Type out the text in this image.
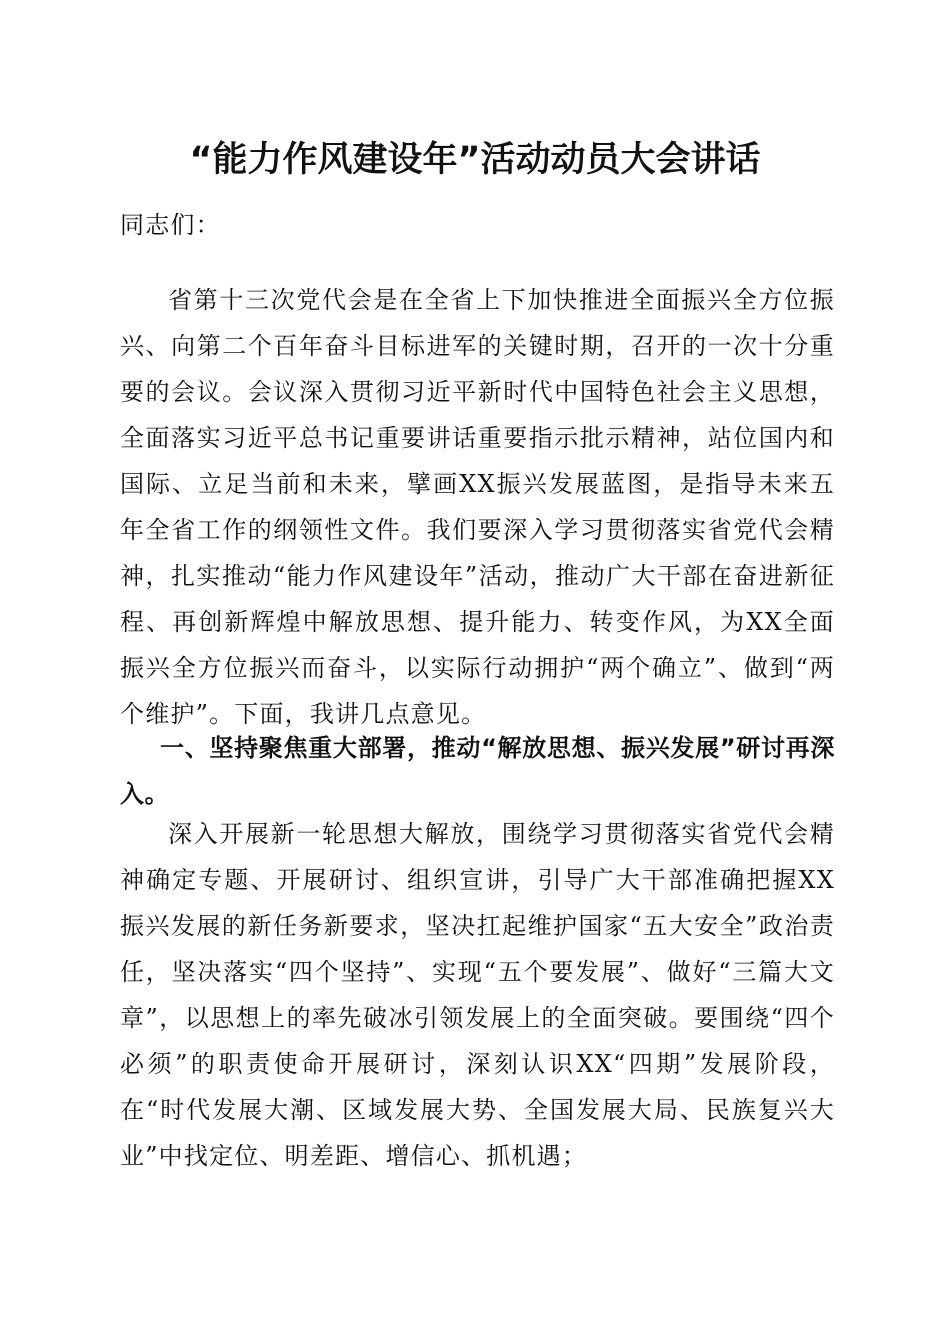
“能力作风建设年”活动动员大会讲话
同志们：
省第十三次党代会是在全省上下加快推进全面振兴全方位振兴、向第二个百年奋斗目标进军的关键时期，召开的一次十分重要的会议。会议深入贯彻习近平新时代中国特色社会主义思想，全面落实习近平总书记重要讲话重要指示批示精神，站位国内和国际、立足当前和未来，擘画XX振兴发展蓝图，是指导未来五年全省工作的纲领性文件。我们要深入学习贯彻落实省党代会精神，扎实推动“能力作风建设年”活动，推动广大干部在奋进新征程、再创新辉煌中解放思想、提升能力、转变作风，为XX全面振兴全方位振兴而奋斗，以实际行动拥护“两个确立”、做到“两个维护”。下面，我讲几点意见。
一、坚持聚焦重大部署，推动“解放思想、振兴发展”研讨再深入。
深入开展新一轮思想大解放，围绕学习贯彻落实省党代会精神确定专题、开展研讨、组织宣讲，引导广大干部准确把握XX振兴发展的新任务新要求，坚决扛起维护国家“五大安全”政治责任，坚决落实“四个坚持”、实现“五个要发展”、做好“三篇大文章”，以思想上的率先破冰引领发展上的全面突破。要围绕“四个必须”的职责使命开展研讨，深刻认识XX“四期”发展阶段，在“时代发展大潮、区域发展大势、全国发展大局、民族复兴大业”中找定位、明差距、增信心、抓机遇；
